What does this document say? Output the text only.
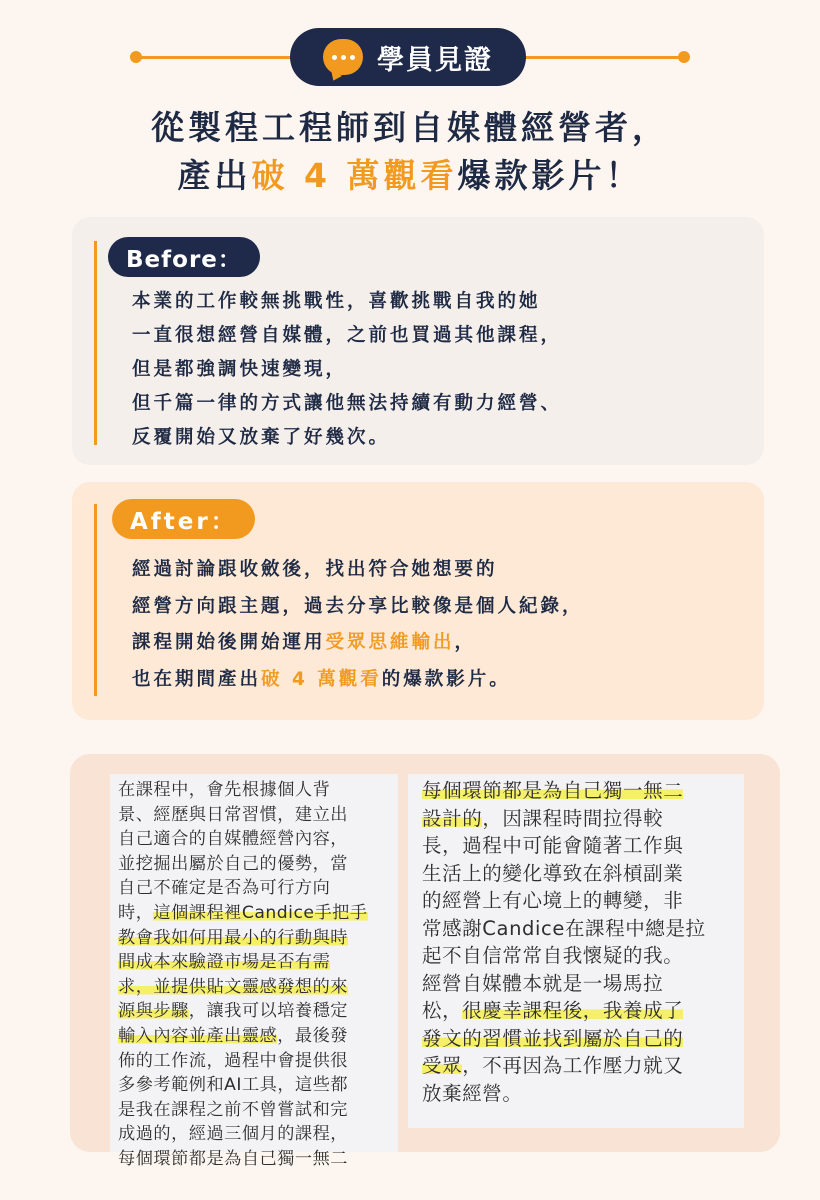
學員見證
從製程工程師到自媒體經營者，
產出破 4 萬觀看爆款影片！
Before：
本業的工作較無挑戰性，喜歡挑戰自我的她
一直很想經營自媒體，之前也買過其他課程，
但是都強調快速變現，
但千篇一律的方式讓他無法持續有動力經營、
反覆開始又放棄了好幾次。
After：
經過討論跟收斂後，找出符合她想要的
經營方向跟主題，過去分享比較像是個人紀錄，
課程開始後開始運用受眾思維輸出，
也在期間產出破 4 萬觀看的爆款影片。
在課程中，會先根據個人背
景、經歷與日常習慣，建立出
自己適合的自媒體經營內容，
並挖掘出屬於自己的優勢，當
自己不確定是否為可行方向
時，這個課程裡Candice手把手
教會我如何用最小的行動與時
間成本來驗證市場是否有需
求，並提供貼文靈感發想的來
源與步驟，讓我可以培養穩定
輸入內容並產出靈感，最後發
佈的工作流，過程中會提供很
多參考範例和AI工具，這些都
是我在課程之前不曾嘗試和完
成過的，經過三個月的課程，
每個環節都是為自己獨一無二
每個環節都是為自己獨一無二
設計的，因課程時間拉得較
長，過程中可能會隨著工作與
生活上的變化導致在斜槓副業
的經營上有心境上的轉變，非
常感謝Candice在課程中總是拉
起不自信常常自我懷疑的我。
經營自媒體本就是一場馬拉
松，很慶幸課程後，我養成了
發文的習慣並找到屬於自己的
受眾，不再因為工作壓力就又
放棄經營。
